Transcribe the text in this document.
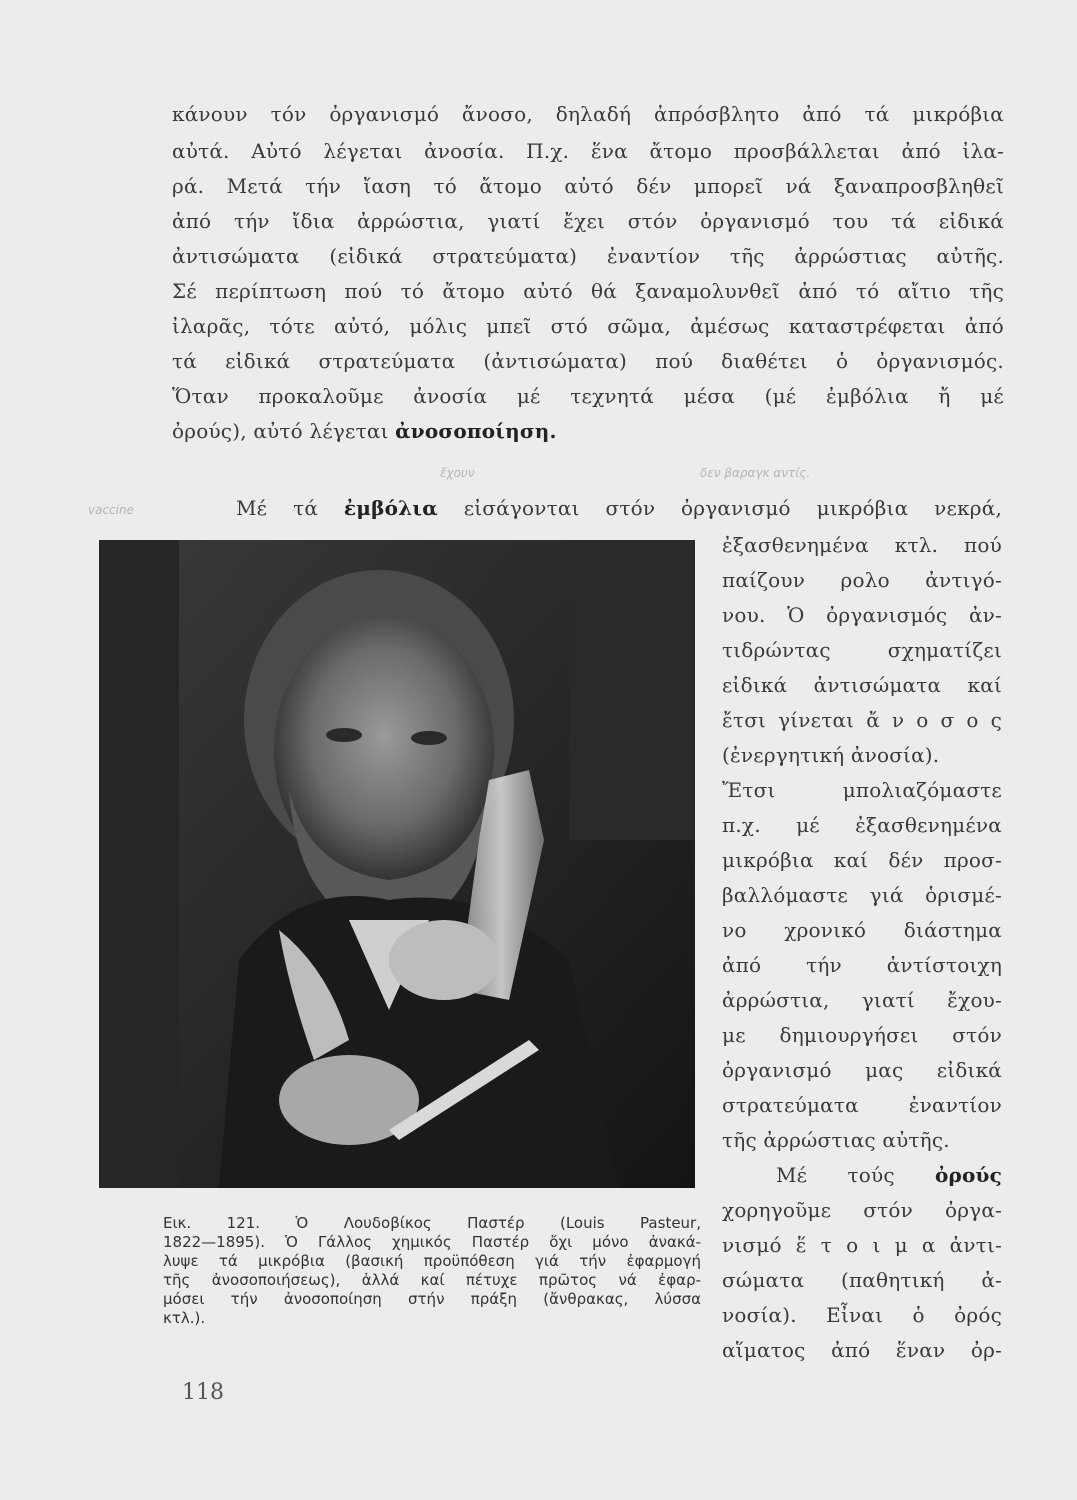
κάνουν τόν ὀργανισμό ἄνοσο, δηλαδή ἀπρόσβλητο ἀπό τά μικρόβια
αὐτά. Αὐτό λέγεται ἀνοσία. Π.χ. ἕνα ἄτομο προσβάλλεται ἀπό ἰλα-
ρά. Μετά τήν ἴαση τό ἄτομο αὐτό δέν μπορεῖ νά ξαναπροσβληθεῖ
ἀπό τήν ἴδια ἀρρώστια, γιατί ἔχει στόν ὀργανισμό του τά εἰδικά
ἀντισώματα (εἰδικά στρατεύματα) ἐναντίον τῆς ἀρρώστιας αὐτῆς.
Σέ περίπτωση πού τό ἄτομο αὐτό θά ξαναμολυνθεῖ ἀπό τό αἴτιο τῆς
ἰλαρᾶς, τότε αὐτό, μόλις μπεῖ στό σῶμα, ἀμέσως καταστρέφεται ἀπό
τά εἰδικά στρατεύματα (ἀντισώματα) πού διαθέτει ὁ ὀργανισμός.
Ὅταν προκαλοῦμε ἀνοσία μέ τεχνητά μέσα (μέ ἐμβόλια ἤ μέ
ὀρούς), αὐτό λέγεται ἀνοσοποίηση.
vaccine
ἔχουν	δεν βαραγκ αντίς.
Μέ τά ἐμβόλια εἰσάγονται στόν ὀργανισμό μικρόβια νεκρά,
ἐξασθενημένα κτλ. πού
παίζουν ρολο ἀντιγό-
νου. Ὁ ὀργανισμός ἀν-
τιδρώντας σχηματίζει
εἰδικά ἀντισώματα καί
ἔτσι γίνεται ἄ ν ο σ ο ς
(ἐνεργητική ἀνοσία).
Ἔτσι μπολιαζόμαστε
π.χ. μέ ἐξασθενημένα
μικρόβια καί δέν προσ-
βαλλόμαστε γιά ὁρισμέ-
νο χρονικό διάστημα
ἀπό τήν ἀντίστοιχη
ἀρρώστια, γιατί ἔχου-
με δημιουργήσει στόν
ὀργανισμό μας εἰδικά
στρατεύματα ἐναντίον
τῆς ἀρρώστιας αὐτῆς.
Μέ τούς ὀρούς
χορηγοῦμε στόν ὀργα-
νισμό ἕ τ ο ι μ α ἀντι-
σώματα (παθητική ἀ-
νοσία). Εἶναι ὁ ὀρός
αἵματος ἀπό ἕναν ὀρ-
Εικ. 121. Ὁ Λουδοβίκος Παστέρ (Louis Pasteur,
1822—1895). Ὁ Γάλλος χημικός Παστέρ ὄχι μόνο ἀνακά-
λυψε τά μικρόβια (βασική προϋπόθεση γιά τήν ἐφαρμογή
τῆς ἀνοσοποιήσεως), ἀλλά καί πέτυχε πρῶτος νά ἐφαρ-
μόσει τήν ἀνοσοποίηση στήν πράξη (ἄνθρακας, λύσσα
κτλ.).
118
